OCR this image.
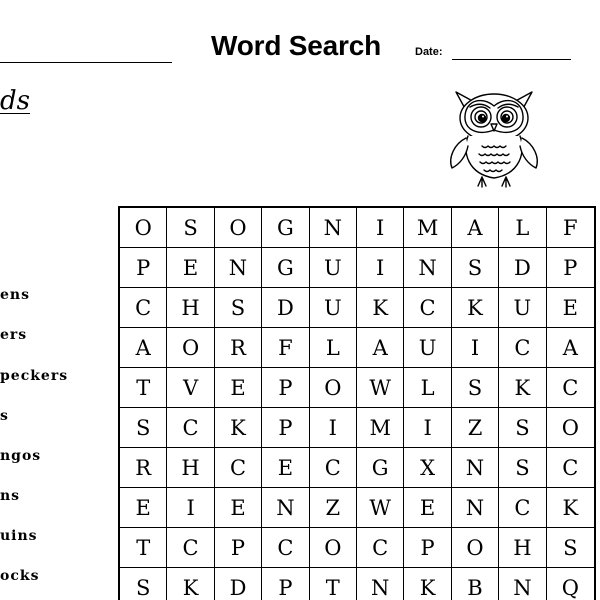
Word Search	Date:
ds
ens
ers
peckers
s
ngos
ns
uins
ocks
O	S	O	G	N	I	M	A	L	F
P	E	N	G	U	I	N	S	D	P
C	H	S	D	U	K	C	K	U	E
A	O	R	F	L	A	U	I	C	A
T	V	E	P	O	W	L	S	K	C
S	C	K	P	I	M	I	Z	S	O
R	H	C	E	C	G	X	N	S	C
E	I	E	N	Z	W	E	N	C	K
T	C	P	C	O	C	P	O	H	S
S	K	D	P	T	N	K	B	N	Q
